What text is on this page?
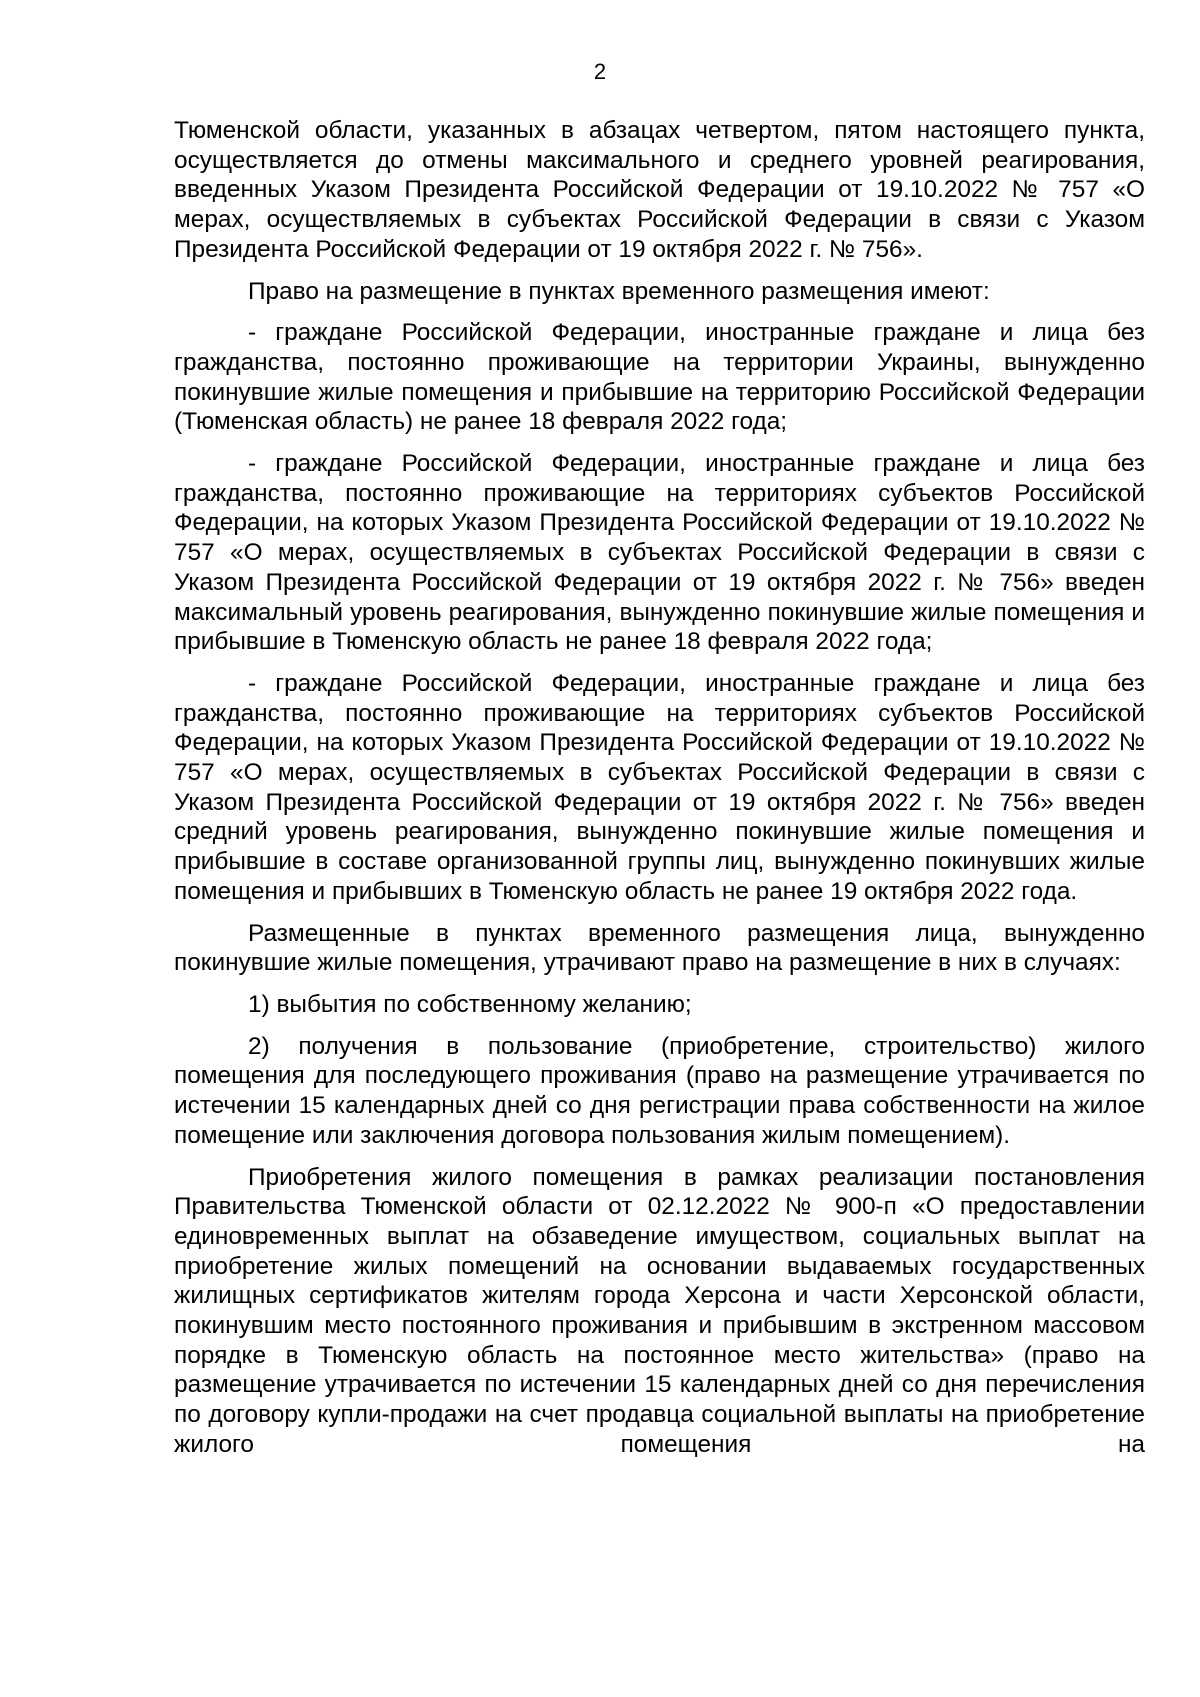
2

Тюменской области, указанных в абзацах четвертом, пятом настоящего пункта, осуществляется до отмены максимального и среднего уровней реагирования, введенных Указом Президента Российской Федерации от 19.10.2022 № 757 «О мерах, осуществляемых в субъектах Российской Федерации в связи с Указом Президента Российской Федерации от 19 октября 2022 г. № 756».

Право на размещение в пунктах временного размещения имеют:

- граждане Российской Федерации, иностранные граждане и лица без гражданства, постоянно проживающие на территории Украины, вынужденно покинувшие жилые помещения и прибывшие на территорию Российской Федерации (Тюменская область) не ранее 18 февраля 2022 года;

- граждане Российской Федерации, иностранные граждане и лица без гражданства, постоянно проживающие на территориях субъектов Российской Федерации, на которых Указом Президента Российской Федерации от 19.10.2022 № 757 «О мерах, осуществляемых в субъектах Российской Федерации в связи с Указом Президента Российской Федерации от 19 октября 2022 г. № 756» введен максимальный уровень реагирования, вынужденно покинувшие жилые помещения и прибывшие в Тюменскую область не ранее 18 февраля 2022 года;

- граждане Российской Федерации, иностранные граждане и лица без гражданства, постоянно проживающие на территориях субъектов Российской Федерации, на которых Указом Президента Российской Федерации от 19.10.2022 № 757 «О мерах, осуществляемых в субъектах Российской Федерации в связи с Указом Президента Российской Федерации от 19 октября 2022 г. № 756» введен средний уровень реагирования, вынужденно покинувшие жилые помещения и прибывшие в составе организованной группы лиц, вынужденно покинувших жилые помещения и прибывших в Тюменскую область не ранее 19 октября 2022 года.

Размещенные в пунктах временного размещения лица, вынужденно покинувшие жилые помещения, утрачивают право на размещение в них в случаях:

1) выбытия по собственному желанию;

2) получения в пользование (приобретение, строительство) жилого помещения для последующего проживания (право на размещение утрачивается по истечении 15 календарных дней со дня регистрации права собственности на жилое помещение или заключения договора пользования жилым помещением).

Приобретения жилого помещения в рамках реализации постановления Правительства Тюменской области от 02.12.2022 № 900-п «О предоставлении единовременных выплат на обзаведение имуществом, социальных выплат на приобретение жилых помещений на основании выдаваемых государственных жилищных сертификатов жителям города Херсона и части Херсонской области, покинувшим место постоянного проживания и прибывшим в экстренном массовом порядке в Тюменскую область на постоянное место жительства» (право на размещение утрачивается по истечении 15 календарных дней со дня перечисления по договору купли-продажи на счет продавца социальной выплаты на приобретение жилого помещения на
